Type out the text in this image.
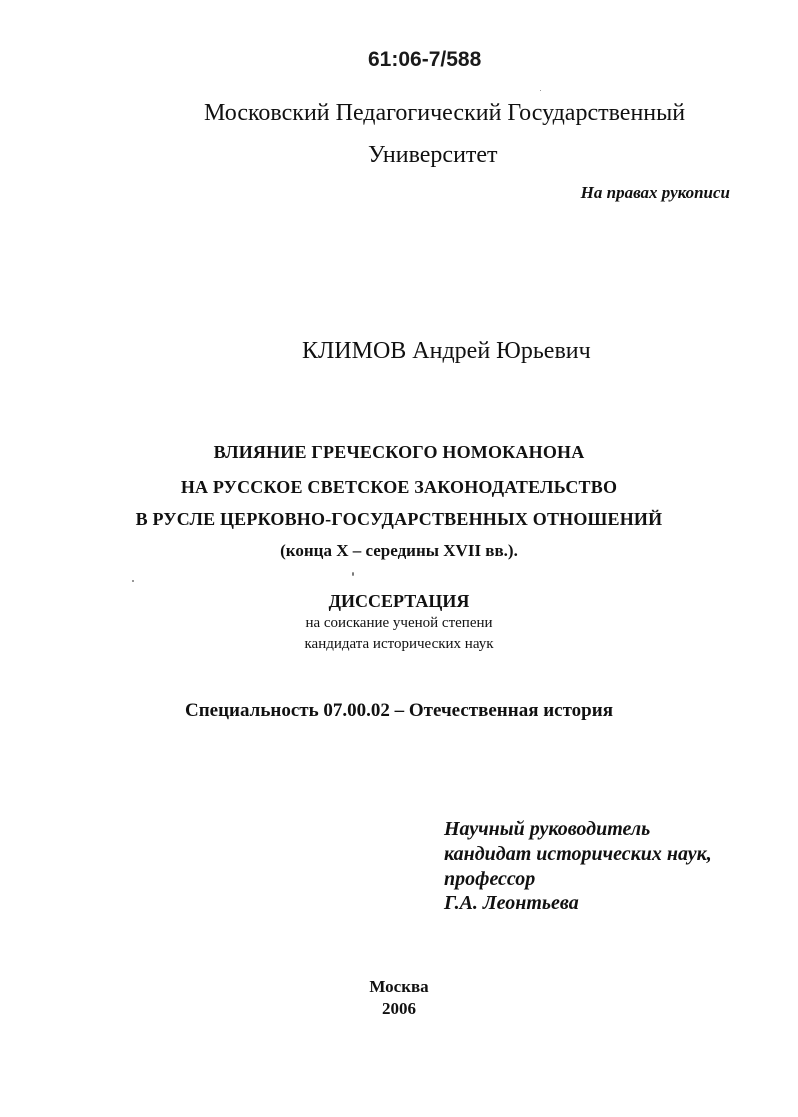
61:06-7/588
Московский Педагогический Государственный
Университет
На правах рукописи
КЛИМОВ Андрей Юрьевич
ВЛИЯНИЕ ГРЕЧЕСКОГО НОМОКАНОНА
НА РУССКОЕ СВЕТСКОЕ ЗАКОНОДАТЕЛЬСТВО
В РУСЛЕ ЦЕРКОВНО-ГОСУДАРСТВЕННЫХ ОТНОШЕНИЙ
(конца X – середины XVII вв.).
ДИССЕРТАЦИЯ
на соискание ученой степени
кандидата исторических наук
Специальность 07.00.02 – Отечественная история
Научный руководитель
кандидат исторических наук,
профессор
Г.А. Леонтьева
Москва
2006
